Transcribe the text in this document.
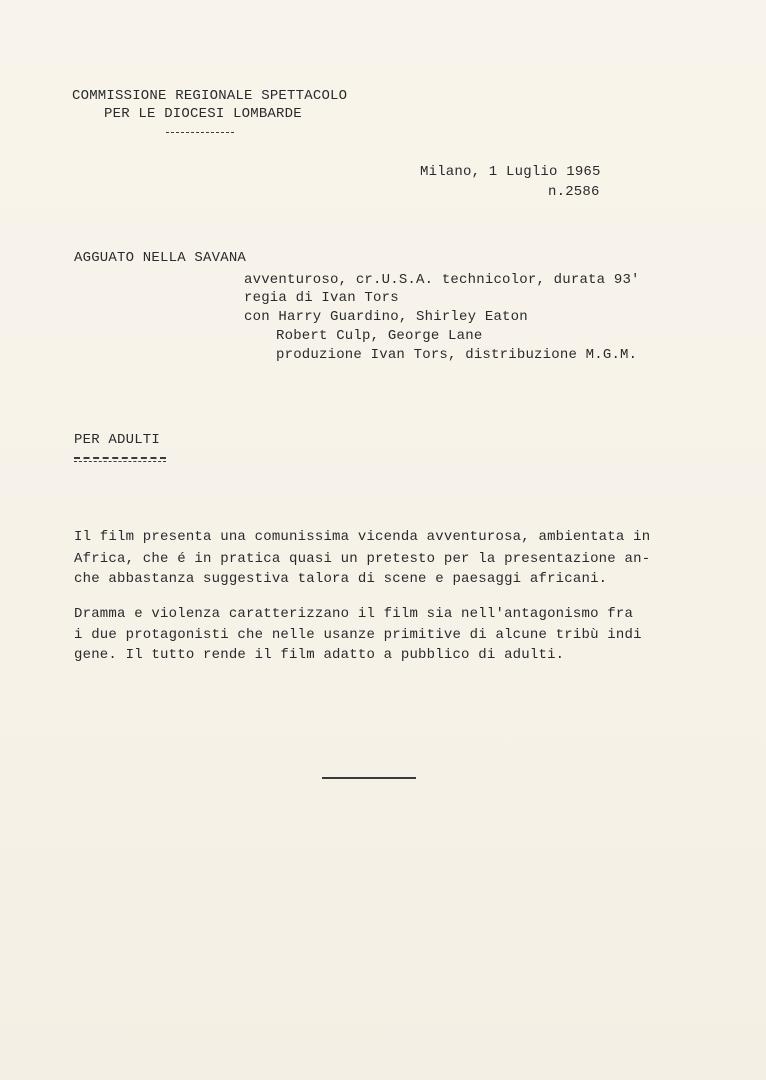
COMMISSIONE REGIONALE SPETTACOLO
PER LE DIOCESI LOMBARDE
Milano, 1 Luglio 1965
n.2586
AGGUATO NELLA SAVANA
avventuroso, cr.U.S.A. technicolor, durata 93'
regia di Ivan Tors
con Harry Guardino, Shirley Eaton
Robert Culp, George Lane
produzione Ivan Tors, distribuzione M.G.M.
PER ADULTI
Il film presenta una comunissima vicenda avventurosa, ambientata in
Africa, che é in pratica quasi un pretesto per la presentazione an-
che abbastanza suggestiva talora di scene e paesaggi africani.
Dramma e violenza caratterizzano il film sia nell'antagonismo fra
i due protagonisti che nelle usanze primitive di alcune tribù indi
gene. Il tutto rende il film adatto a pubblico di adulti.
